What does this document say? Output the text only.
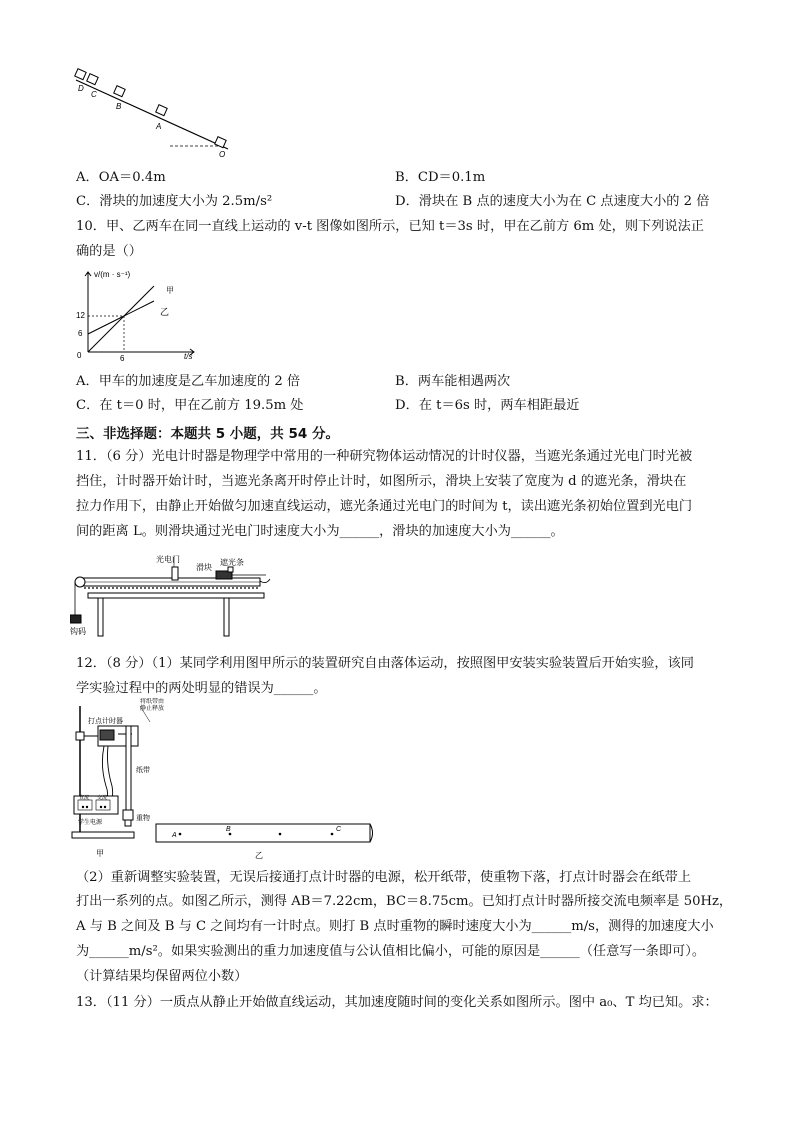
D
C
B
A
O
A．OA＝0.4m	B．CD＝0.1m
C．滑块的加速度大小为 2.5m/s²	D．滑块在 B 点的速度大小为在 C 点速度大小的 2 倍
10．甲、乙两车在同一直线上运动的 v-t 图像如图所示，已知 t＝3s 时，甲在乙前方 6m 处，则下列说法正
确的是（）
v/(m · s⁻¹)
t/s
0
12
6
6
甲
乙
A．甲车的加速度是乙车加速度的 2 倍	B．两车能相遇两次
C．在 t＝0 时，甲在乙前方 19.5m 处	D．在 t＝6s 时，两车相距最近
三、非选择题：本题共 5 小题，共 54 分。
11．（6 分）光电计时器是物理学中常用的一种研究物体运动情况的计时仪器，当遮光条通过光电门时光被
挡住，计时器开始计时，当遮光条离开时停止计时，如图所示，滑块上安装了宽度为 d 的遮光条，滑块在
拉力作用下，由静止开始做匀加速直线运动，遮光条通过光电门的时间为 t，读出遮光条初始位置到光电门
间的距离 L。则滑块通过光电门时速度大小为______，滑块的加速度大小为______。
光电门
滑块
遮光条
钩码
12．（8 分）（1）某同学利用图甲所示的装置研究自由落体运动，按照图甲安装实验装置后开始实验，该同
学实验过程中的两处明显的错误为______。
将纸带由
静止释放
打点计时器
纸带
重物
直流 交流
学生电源
甲	乙
A
B	C
（2）重新调整实验装置，无误后接通打点计时器的电源，松开纸带，使重物下落，打点计时器会在纸带上
打出一系列的点。如图乙所示，测得 AB＝7.22cm，BC＝8.75cm。已知打点计时器所接交流电频率是 50Hz，
A 与 B 之间及 B 与 C 之间均有一计时点。则打 B 点时重物的瞬时速度大小为______m/s，测得的加速度大小
为______m/s²。如果实验测出的重力加速度值与公认值相比偏小，可能的原因是______（任意写一条即可）。
（计算结果均保留两位小数）
13．（11 分）一质点从静止开始做直线运动，其加速度随时间的变化关系如图所示。图中 a₀、T 均已知。求：
